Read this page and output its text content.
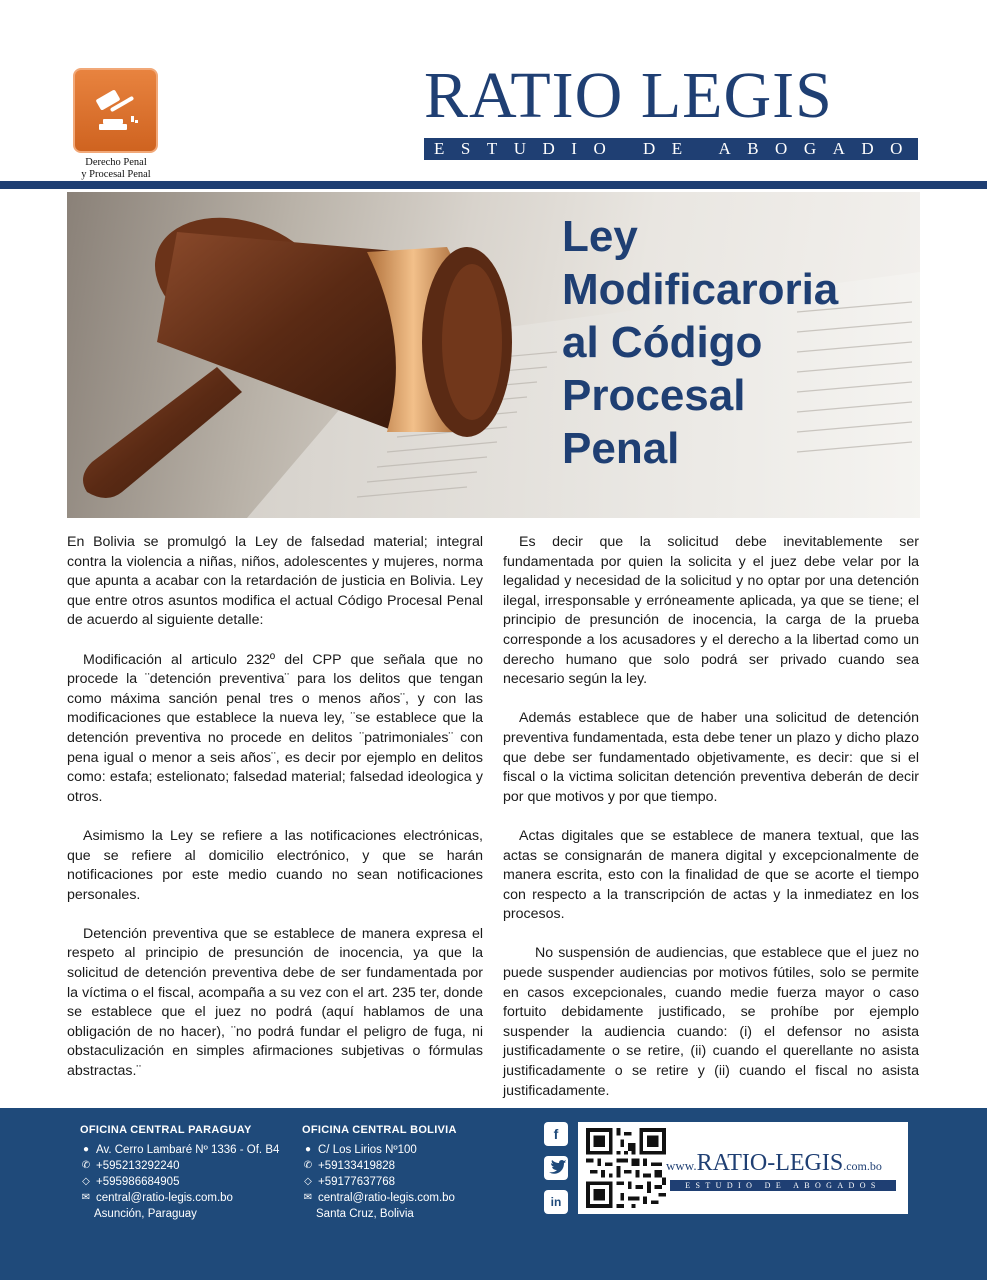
Derecho Penal
y Procesal Penal
RATIO LEGIS
ESTUDIO DE ABOGADOS
Ley
Modificaroria
al Código
Procesal
Penal

En Bolivia se promulgó la Ley de falsedad material; integral contra la violencia a niñas, niños, adolescentes y mujeres, norma que apunta a acabar con la retardación de justicia en Bolivia. Ley que entre otros asuntos modifica el actual Código Procesal Penal de acuerdo al siguiente detalle:

Modificación al articulo 232º del CPP que señala que no procede la ¨detención preventiva¨ para los delitos que tengan como máxima sanción penal tres o menos años¨, y con las modificaciones que establece la nueva ley, ¨se establece que la detención preventiva no procede en delitos ¨patrimoniales¨ con pena igual o menor a seis años¨, es decir por ejemplo en delitos como: estafa; estelionato; falsedad material; falsedad ideologica y otros.

Asimismo la Ley se refiere a las notificaciones electrónicas, que se refiere al domicilio electrónico, y que se harán notificaciones por este medio cuando no sean notificaciones personales.

Detención preventiva que se establece de manera expresa el respeto al principio de presunción de inocencia, ya que la solicitud de detención preventiva debe de ser fundamentada por la víctima o el fiscal, acompaña a su vez con el art. 235 ter, donde se establece que el juez no podrá (aquí hablamos de una obligación de no hacer), ¨no podrá fundar el peligro de fuga, ni obstaculización en simples afirmaciones subjetivas o fórmulas abstractas.¨

Es decir que la solicitud debe inevitablemente ser fundamentada por quien la solicita y el juez debe velar por la legalidad y necesidad de la solicitud y no optar por una detención ilegal, irresponsable y erróneamente aplicada, ya que se tiene; el principio de presunción de inocencia, la carga de la prueba corresponde a los acusadores y el derecho a la libertad como un derecho humano que solo podrá ser privado cuando sea necesario según la ley.

Además establece que de haber una solicitud de detención preventiva fundamentada, esta debe tener un plazo y dicho plazo que debe ser fundamentado objetivamente, es decir: que si el fiscal o la victima solicitan detención preventiva deberán de decir por que motivos y por que tiempo.

Actas digitales que se establece de manera textual, que las actas se consignarán de manera digital y excepcionalmente de manera escrita, esto con la finalidad de que se acorte el tiempo con respecto a la transcripción de actas y la inmediatez en los procesos.

No suspensión de audiencias, que establece que el juez no puede suspender audiencias por motivos fútiles, solo se permite en casos excepcionales, cuando medie fuerza mayor o caso fortuito debidamente justificado, se prohíbe por ejemplo suspender la audiencia cuando: (i) el defensor no asista justificadamente o se retire, (ii) cuando el querellante no asista justificadamente o se retire y (ii) cuando el fiscal no asista justificadamente.

OFICINA CENTRAL PARAGUAY
● Av. Cerro Lambaré Nº 1336 - Of. B4
✆ +595213292240
◇ +595986684905
✉ central@ratio-legis.com.bo
Asunción, Paraguay
OFICINA CENTRAL BOLIVIA
● C/ Los Lirios Nº100
✆ +59133419828
◇ +59177637768
✉ central@ratio-legis.com.bo
Santa Cruz, Bolivia
f
in
www.RATIO-LEGIS.com.bo
ESTUDIO DE ABOGADOS
